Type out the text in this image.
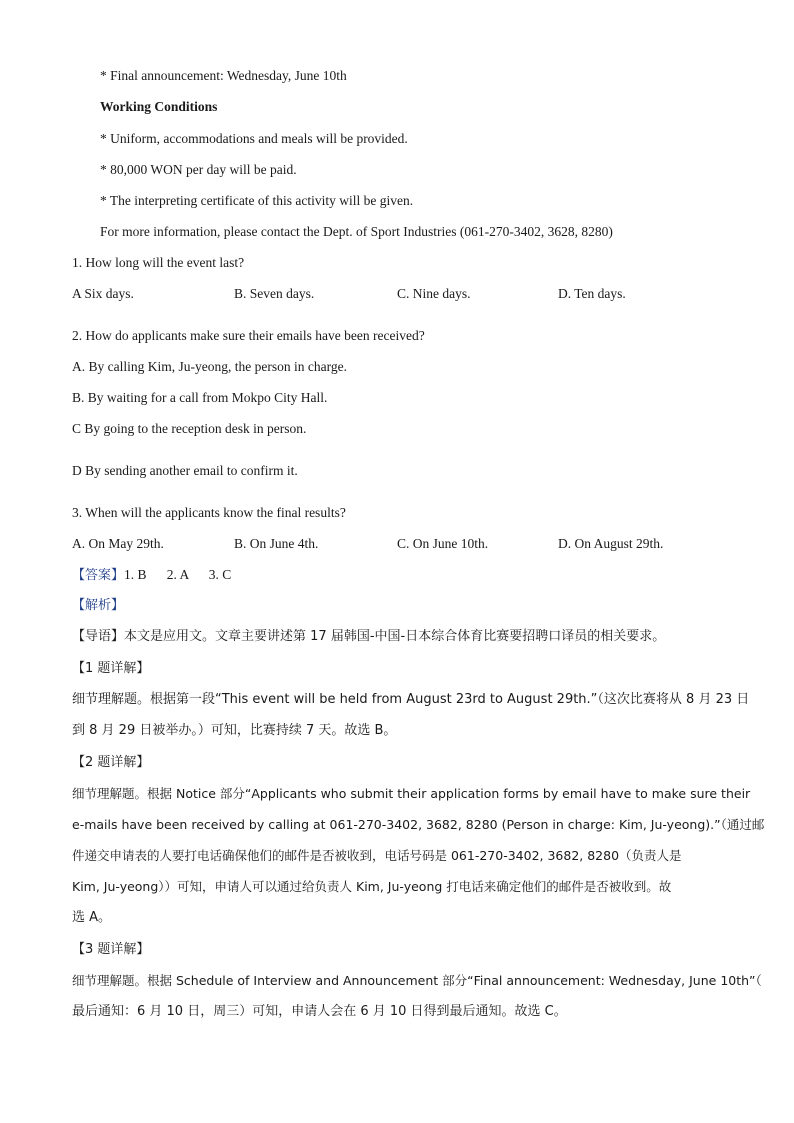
* Final announcement: Wednesday, June 10th
Working Conditions
* Uniform, accommodations and meals will be provided.
* 80,000 WON per day will be paid.
* The interpreting certificate of this activity will be given.
For more information, please contact the Dept. of Sport Industries (061-270-3402, 3628, 8280)
1. How long will the event last?
A Six days.	B. Seven days.	C. Nine days.	D. Ten days.
2. How do applicants make sure their emails have been received?
A. By calling Kim, Ju-yeong, the person in charge.
B. By waiting for a call from Mokpo City Hall.
C By going to the reception desk in person.
D By sending another email to confirm it.
3. When will the applicants know the final results?
A. On May 29th.	B. On June 4th.	C. On June 10th.	D. On August 29th.
【答案】1. B      2. A      3. C
【解析】
【导语】本文是应用文。文章主要讲述第 17 届韩国-中国-日本综合体育比赛要招聘口译员的相关要求。
【1 题详解】
细节理解题。根据第一段“This event will be held from August 23rd to August 29th.”（这次比赛将从 8 月 23 日
到 8 月 29 日被举办。）可知，比赛持续 7 天。故选 B。
【2 题详解】
细节理解题。根据 Notice 部分“Applicants who submit their application forms by email have to make sure their
e-mails have been received by calling at 061-270-3402, 3682, 8280 (Person in charge: Kim, Ju-yeong).”（通过邮
件递交申请表的人要打电话确保他们的邮件是否被收到，电话号码是 061-270-3402, 3682, 8280（负责人是
Kim, Ju-yeong））可知，申请人可以通过给负责人 Kim, Ju-yeong 打电话来确定他们的邮件是否被收到。故
选 A。
【3 题详解】
细节理解题。根据 Schedule of Interview and Announcement 部分“Final announcement: Wednesday, June 10th”（
最后通知：6 月 10 日，周三）可知，申请人会在 6 月 10 日得到最后通知。故选 C。
